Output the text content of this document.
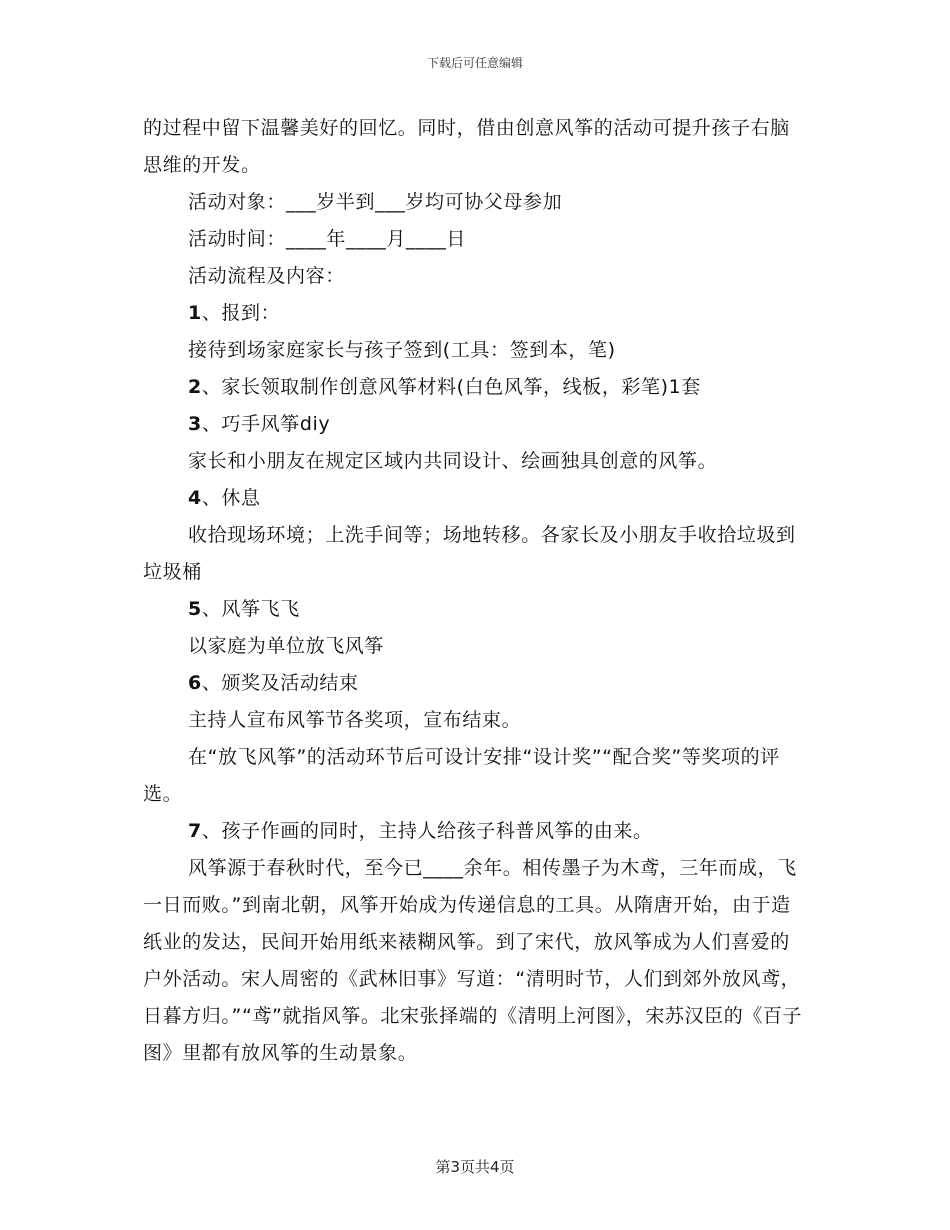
下载后可任意编辑

的过程中留下温馨美好的回忆。同时，借由创意风筝的活动可提升孩子右脑思维的开发。

活动对象：___岁半到___岁均可协父母参加

活动时间：____年____月____日

活动流程及内容：

1、报到：

接待到场家庭家长与孩子签到(工具：签到本，笔)

2、家长领取制作创意风筝材料(白色风筝，线板，彩笔)1套

3、巧手风筝diy

家长和小朋友在规定区域内共同设计、绘画独具创意的风筝。

4、休息

收拾现场环境；上洗手间等；场地转移。各家长及小朋友手收拾垃圾到垃圾桶

5、风筝飞飞

以家庭为单位放飞风筝

6、颁奖及活动结束

主持人宣布风筝节各奖项，宣布结束。

在“放飞风筝”的活动环节后可设计安排“设计奖”“配合奖”等奖项的评选。

7、孩子作画的同时，主持人给孩子科普风筝的由来。

风筝源于春秋时代，至今已____余年。相传墨子为木鸢，三年而成，飞一日而败。”到南北朝，风筝开始成为传递信息的工具。从隋唐开始，由于造纸业的发达，民间开始用纸来裱糊风筝。到了宋代，放风筝成为人们喜爱的户外活动。宋人周密的《武林旧事》写道：“清明时节，人们到郊外放风鸢，日暮方归。”“鸢”就指风筝。北宋张择端的《清明上河图》，宋苏汉臣的《百子图》里都有放风筝的生动景象。

第3页共4页
